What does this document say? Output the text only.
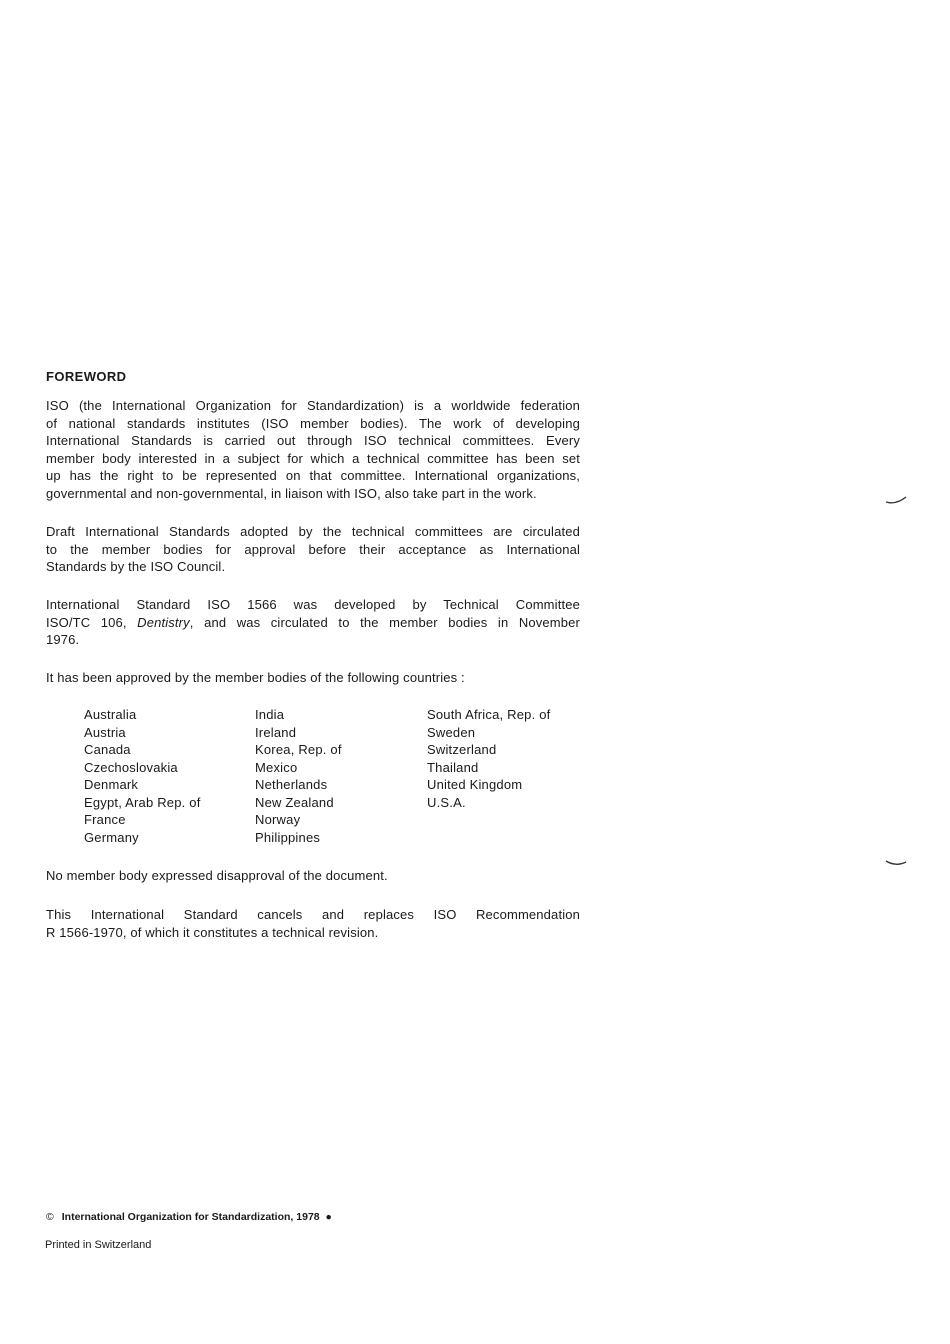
FOREWORD
ISO (the International Organization for Standardization) is a worldwide federation
of national standards institutes (ISO member bodies). The work of developing
International Standards is carried out through ISO technical committees. Every
member body interested in a subject for which a technical committee has been set
up has the right to be represented on that committee. International organizations,
governmental and non-governmental, in liaison with ISO, also take part in the work.
Draft International Standards adopted by the technical committees are circulated
to the member bodies for approval before their acceptance as International
Standards by the ISO Council.
International Standard ISO 1566 was developed by Technical Committee
ISO/TC 106, Dentistry, and was circulated to the member bodies in November
1976.
It has been approved by the member bodies of the following countries :
Australia
Austria
Canada
Czechoslovakia
Denmark
Egypt, Arab Rep. of
France
Germany
India
Ireland
Korea, Rep. of
Mexico
Netherlands
New Zealand
Norway
Philippines
South Africa, Rep. of
Sweden
Switzerland
Thailand
United Kingdom
U.S.A.
No member body expressed disapproval of the document.
This International Standard cancels and replaces ISO Recommendation
R 1566-1970, of which it constitutes a technical revision.
© International Organization for Standardization, 1978 ●
Printed in Switzerland
